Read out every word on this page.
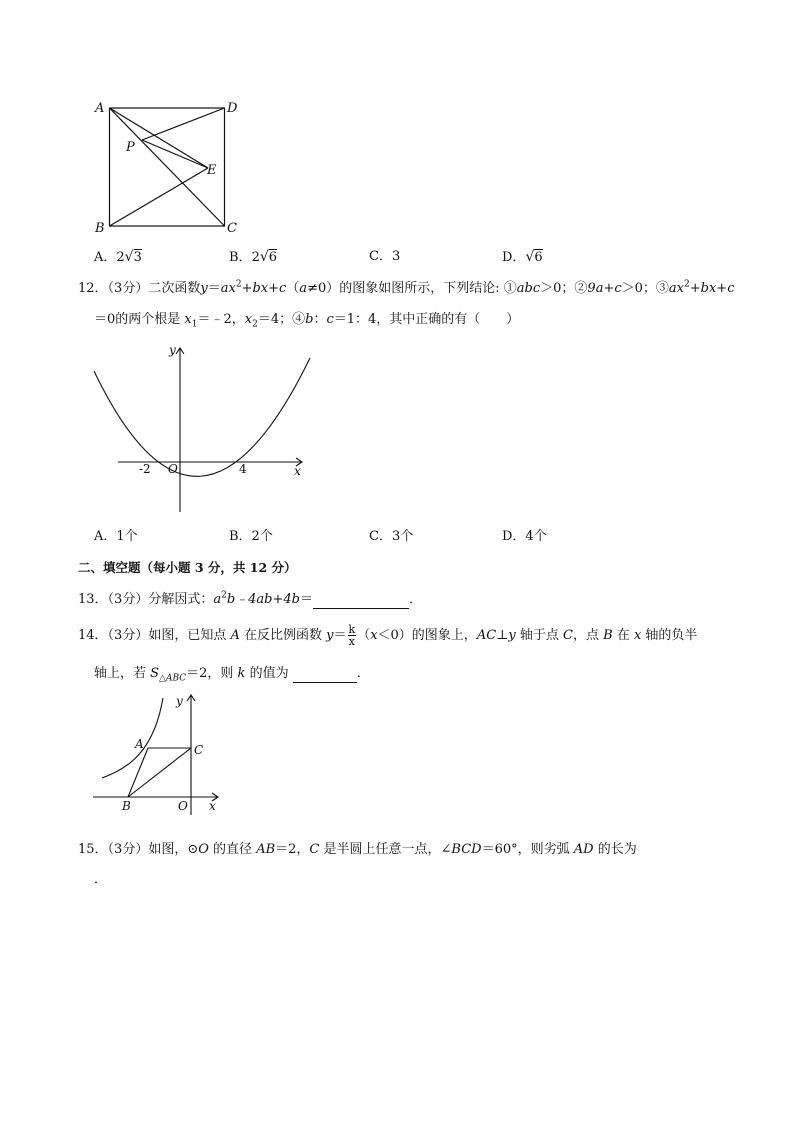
A	D
P
E
B	C
A．2√3	B．2√6	C．3	D．√6
12．（3分）二次函数$y=ax^2+bx+c(a\ne 0)$的图象如图所示，下列结论: ①abc＞0；②9a+c＞0；$③ax^2+bx+c$
＝0的两个根是 $x_1=﹣2$，$x_2=4$；④b：c＝1：4，其中正确的有（　　）
y
x
-2 O	4
A．1个	B．2个	C．3个	D．4个
二、填空题（每小题 3 分，共 12 分）
13．（3分）分解因式：$a^2b﹣4ab+4b=$	．
14．（3分）如图，已知点 A 在反比例函数 $y= \frac{k}{x} (x<0)$的图象上，AC⊥y 轴于点 C，点 B 在 x 轴的负半
轴上，若 $S_{\triangle ABC}=2$，则 k 的值为	．
y
x
A	C
B	O
15．（3分）如图，⊙O 的直径 AB＝2，C 是半圆上任意一点，∠BCD＝60°，则劣弧 AD 的长为
．
